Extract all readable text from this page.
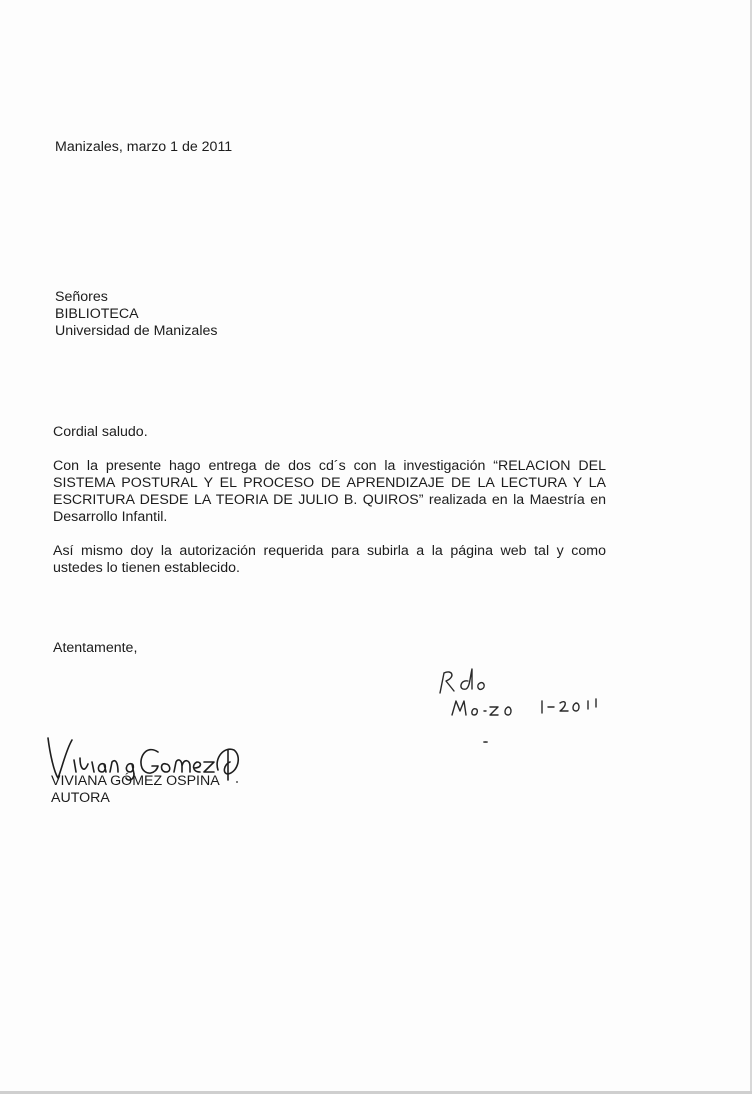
Manizales, marzo 1 de 2011
Señores
BIBLIOTECA
Universidad de Manizales
Cordial saludo.
Con la presente hago entrega de dos cd´s con la investigación “RELACION DEL SISTEMA POSTURAL Y EL PROCESO DE APRENDIZAJE DE LA LECTURA Y LA ESCRITURA DESDE LA TEORIA DE JULIO B. QUIROS” realizada en la Maestría en Desarrollo Infantil.
Así mismo doy la autorización requerida para subirla a la página web tal y como ustedes lo tienen establecido.
Atentamente,
VIVIANA GÓMEZ OSPINA
AUTORA
